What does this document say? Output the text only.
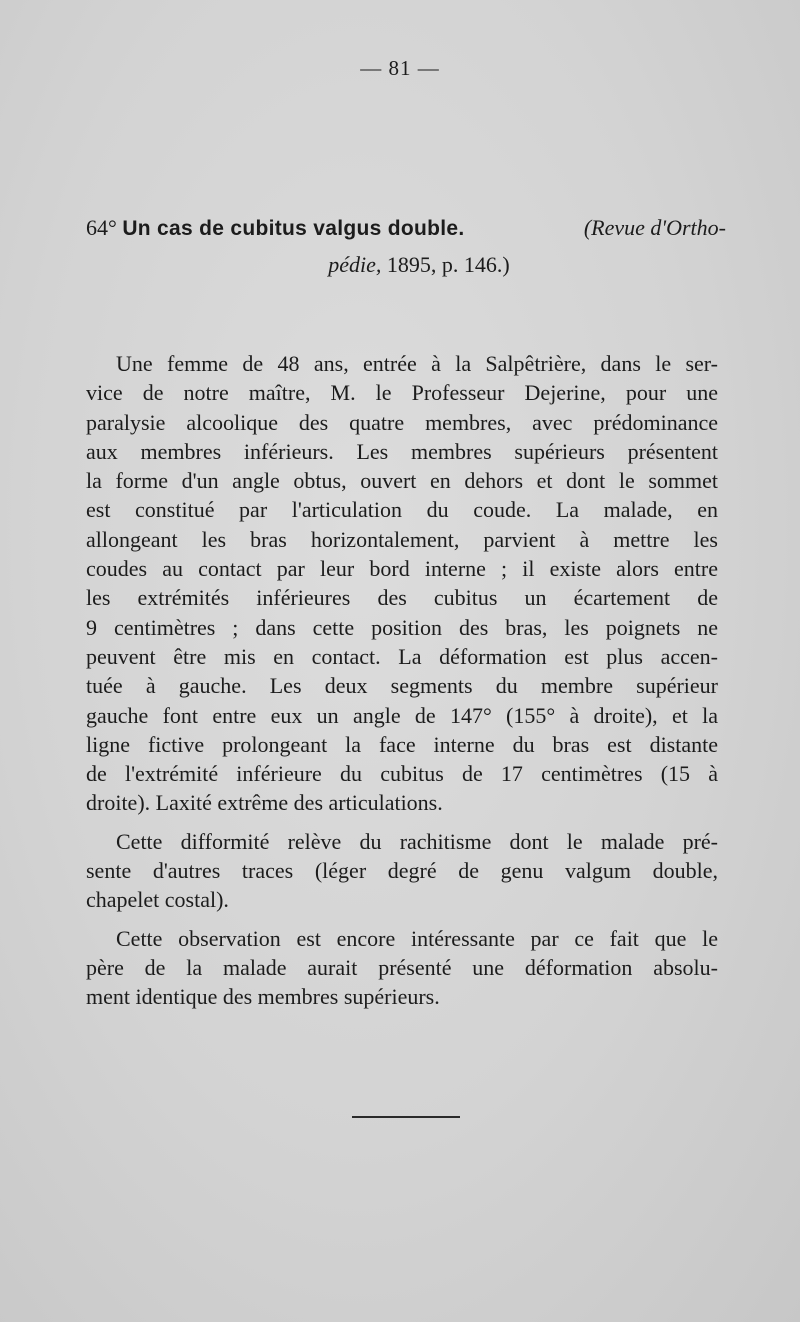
— 81 —
64° Un cas de cubitus valgus double.	(Revue d'Ortho-
pédie, 1895, p. 146.)
Une femme de 48 ans, entrée à la Salpêtrière, dans le ser-
vice de notre maître, M. le Professeur Dejerine, pour une
paralysie alcoolique des quatre membres, avec prédominance
aux membres inférieurs. Les membres supérieurs présentent
la forme d'un angle obtus, ouvert en dehors et dont le sommet
est constitué par l'articulation du coude. La malade, en
allongeant les bras horizontalement, parvient à mettre les
coudes au contact par leur bord interne ; il existe alors entre
les extrémités inférieures des cubitus un écartement de
9 centimètres ; dans cette position des bras, les poignets ne
peuvent être mis en contact. La déformation est plus accen-
tuée à gauche. Les deux segments du membre supérieur
gauche font entre eux un angle de 147° (155° à droite), et la
ligne fictive prolongeant la face interne du bras est distante
de l'extrémité inférieure du cubitus de 17 centimètres (15 à
droite). Laxité extrême des articulations.
Cette difformité relève du rachitisme dont le malade pré-
sente d'autres traces (léger degré de genu valgum double,
chapelet costal).
Cette observation est encore intéressante par ce fait que le
père de la malade aurait présenté une déformation absolu-
ment identique des membres supérieurs.
